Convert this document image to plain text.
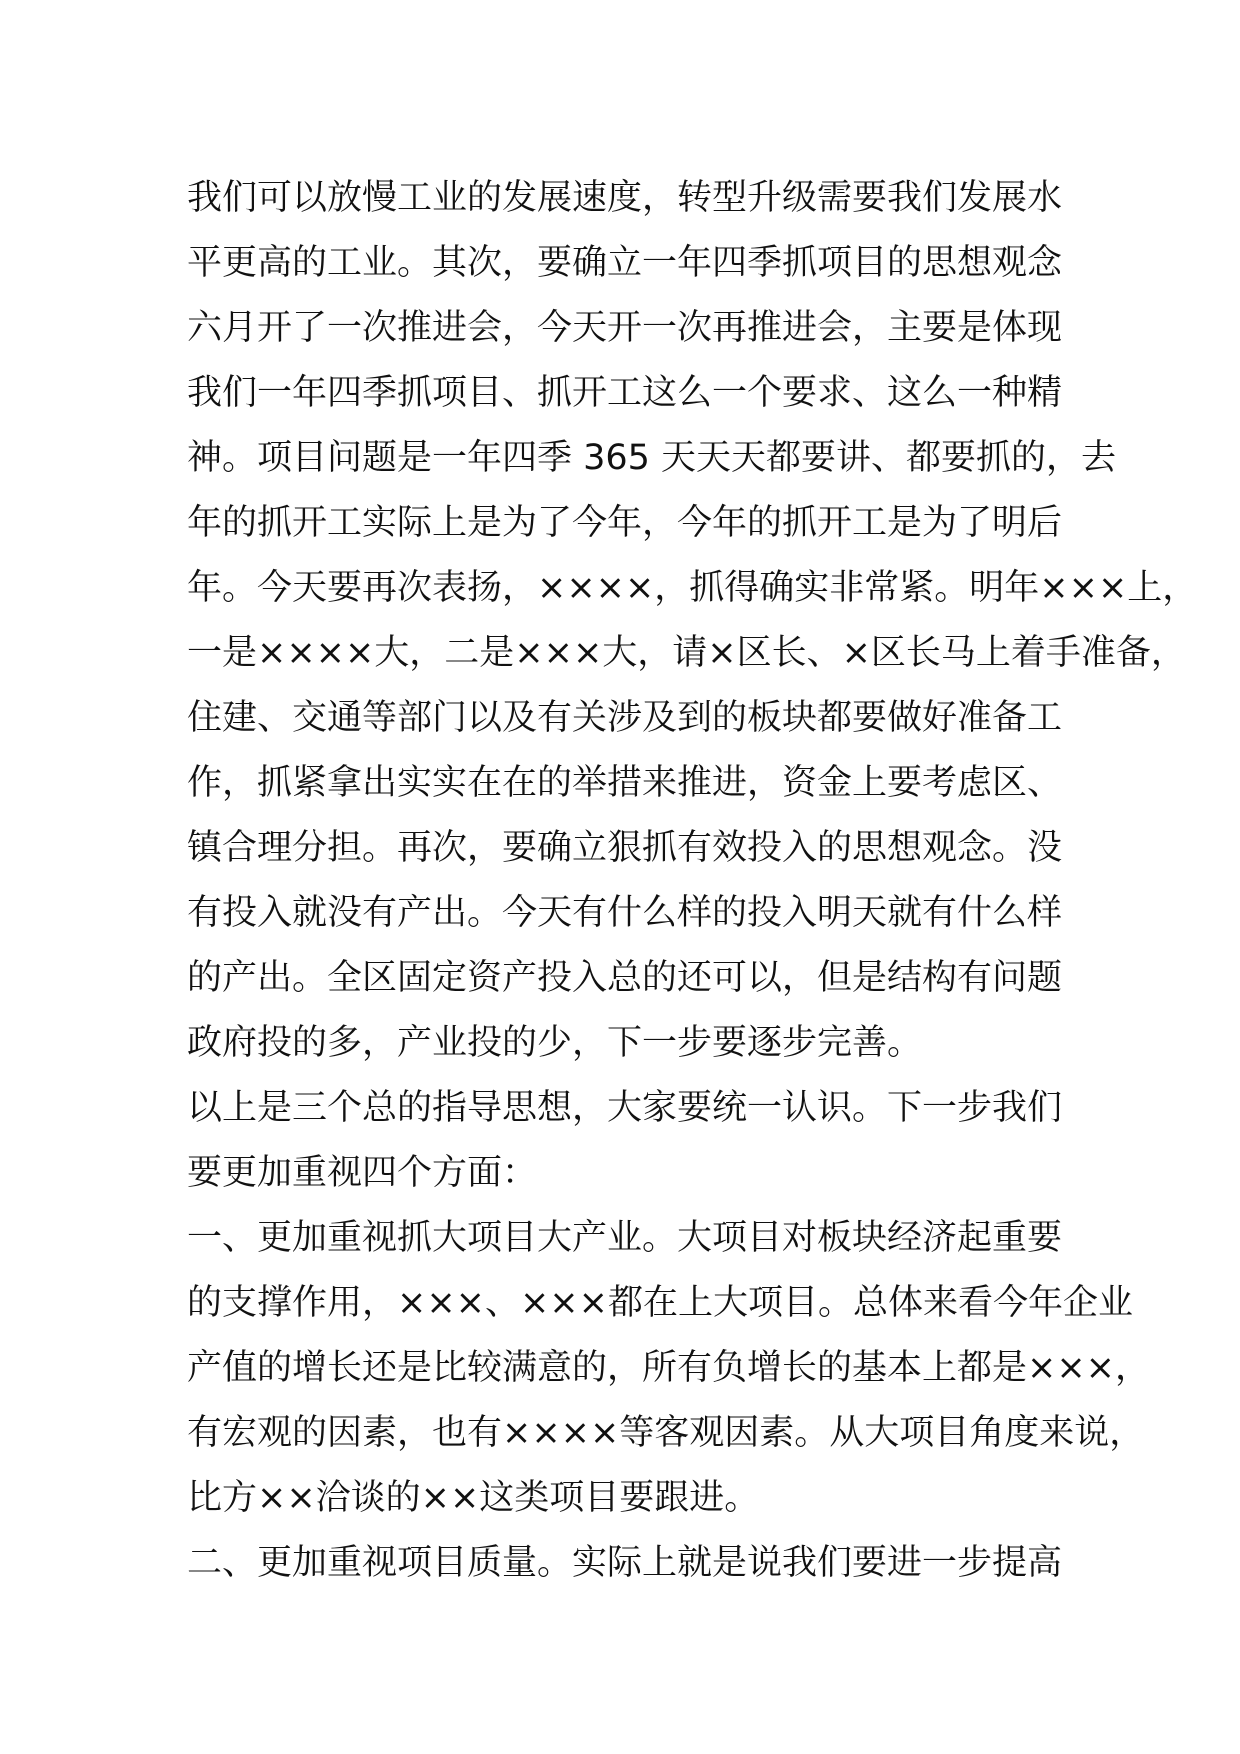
我们可以放慢工业的发展速度，转型升级需要我们发展水
平更高的工业。其次，要确立一年四季抓项目的思想观念
六月开了一次推进会，今天开一次再推进会，主要是体现
我们一年四季抓项目、抓开工这么一个要求、这么一种精
神。项目问题是一年四季 365 天天天都要讲、都要抓的，去
年的抓开工实际上是为了今年，今年的抓开工是为了明后
年。今天要再次表扬，××××，抓得确实非常紧。明年×××上，
一是××××大，二是×××大，请×区长、×区长马上着手准备，
住建、交通等部门以及有关涉及到的板块都要做好准备工
作，抓紧拿出实实在在的举措来推进，资金上要考虑区、
镇合理分担。再次，要确立狠抓有效投入的思想观念。没
有投入就没有产出。今天有什么样的投入明天就有什么样
的产出。全区固定资产投入总的还可以，但是结构有问题
政府投的多，产业投的少，下一步要逐步完善。
以上是三个总的指导思想，大家要统一认识。下一步我们
要更加重视四个方面：
一、更加重视抓大项目大产业。大项目对板块经济起重要
的支撑作用，×××、×××都在上大项目。总体来看今年企业
产值的增长还是比较满意的，所有负增长的基本上都是×××，
有宏观的因素，也有××××等客观因素。从大项目角度来说，
比方××洽谈的××这类项目要跟进。
二、更加重视项目质量。实际上就是说我们要进一步提高
